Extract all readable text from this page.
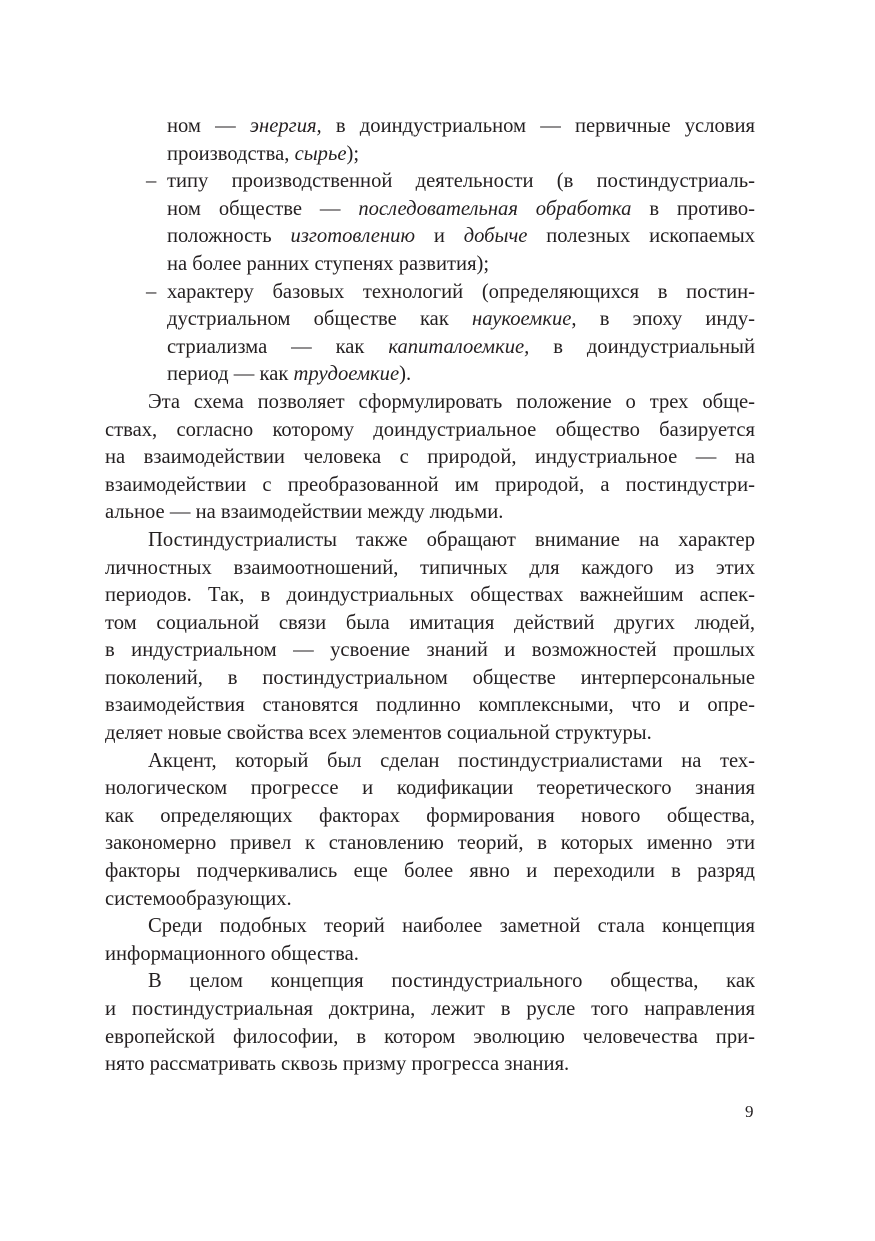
ном — энергия, в доиндустриальном — первичные условия
производства, сырье);
– типу производственной деятельности (в постиндустриаль-
ном обществе — последовательная обработка в противо-
положность изготовлению и добыче полезных ископаемых
на более ранних ступенях развития);
– характеру базовых технологий (определяющихся в постин-
дустриальном обществе как наукоемкие, в эпоху инду-
стриализма — как капиталоемкие, в доиндустриальный
период — как трудоемкие).
Эта схема позволяет сформулировать положение о трех обще-
ствах, согласно которому доиндустриальное общество базируется
на взаимодействии человека с природой, индустриальное — на
взаимодействии с преобразованной им природой, а постиндустри-
альное — на взаимодействии между людьми.
Постиндустриалисты также обращают внимание на характер
личностных взаимоотношений, типичных для каждого из этих
периодов. Так, в доиндустриальных обществах важнейшим аспек-
том социальной связи была имитация действий других людей,
в индустриальном — усвоение знаний и возможностей прошлых
поколений, в постиндустриальном обществе интерперсональные
взаимодействия становятся подлинно комплексными, что и опре-
деляет новые свойства всех элементов социальной структуры.
Акцент, который был сделан постиндустриалистами на тех-
нологическом прогрессе и кодификации теоретического знания
как определяющих факторах формирования нового общества,
закономерно привел к становлению теорий, в которых именно эти
факторы подчеркивались еще более явно и переходили в разряд
системообразующих.
Среди подобных теорий наиболее заметной стала концепция
информационного общества.
В целом концепция постиндустриального общества, как
и постиндустриальная доктрина, лежит в русле того направления
европейской философии, в котором эволюцию человечества при-
нято рассматривать сквозь призму прогресса знания.
9
